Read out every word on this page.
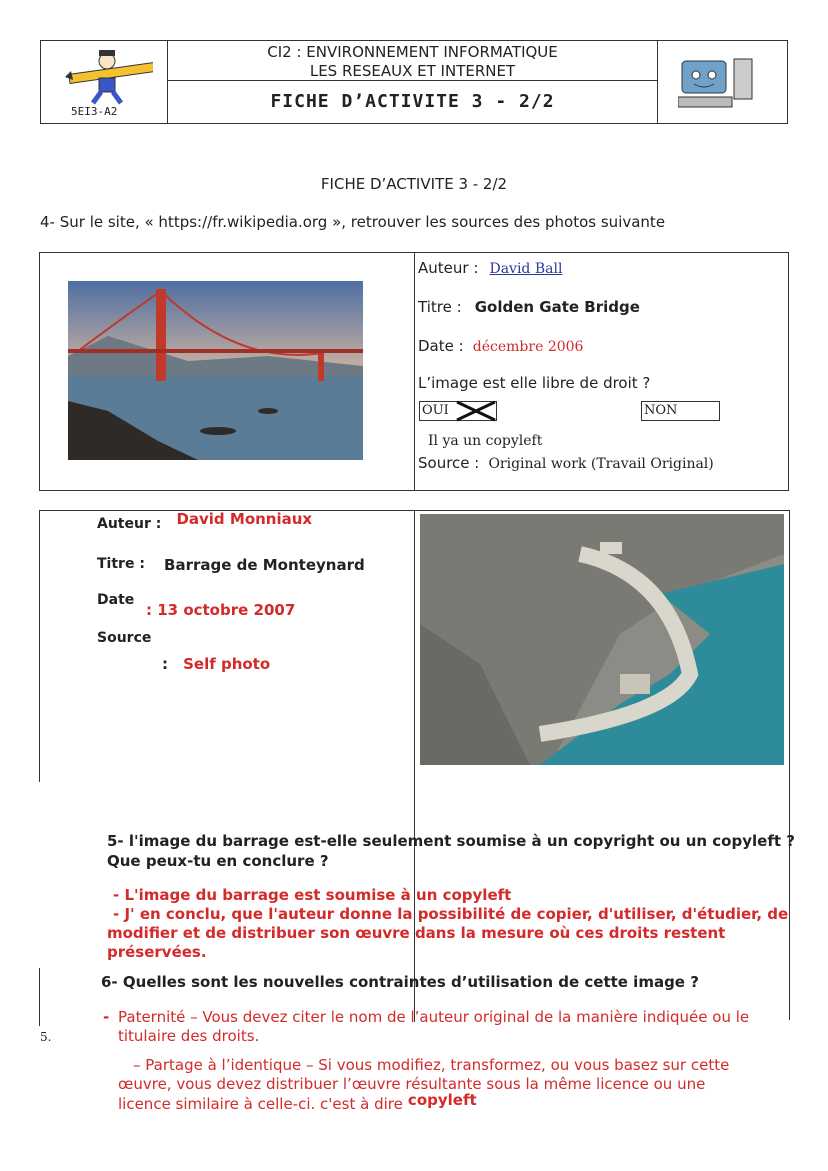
5EI3-A2
CI2 : ENVIRONNEMENT INFORMATIQUE
LES RESEAUX ET INTERNET
FICHE D’ACTIVITE 3 - 2/2
FICHE D’ACTIVITE 3 - 2/2
4- Sur le site, « https://fr.wikipedia.org », retrouver les sources des photos suivante
Auteur : David Ball
Titre : Golden Gate Bridge
Date : décembre 2006
L’image est elle libre de droit ?
OUI	NON
Il ya un copyleft
Source : Original work (Travail Original)
Auteur : David Monniaux
Titre : Barrage de Monteynard
Date
: 13 octobre 2007
Source
: Self photo
5- l'image du barrage est-elle seulement soumise à un copyright ou un copyleft ?
Que peux-tu en conclure ?
- L'image du barrage est soumise à un copyleft
- J' en conclu, que l'auteur donne la possibilité de copier, d'utiliser, d'étudier, de
modifier et de distribuer son œuvre dans la mesure où ces droits restent
préservées.
6- Quelles sont les nouvelles contraintes d’utilisation de cette image ?
- Paternité – Vous devez citer le nom de l’auteur original de la manière indiquée ou le
titulaire des droits.
– Partage à l’identique – Si vous modifiez, transformez, ou vous basez sur cette
œuvre, vous devez distribuer l’œuvre résultante sous la même licence ou une
licence similaire à celle-ci. c'est à dire copyleft
5.
